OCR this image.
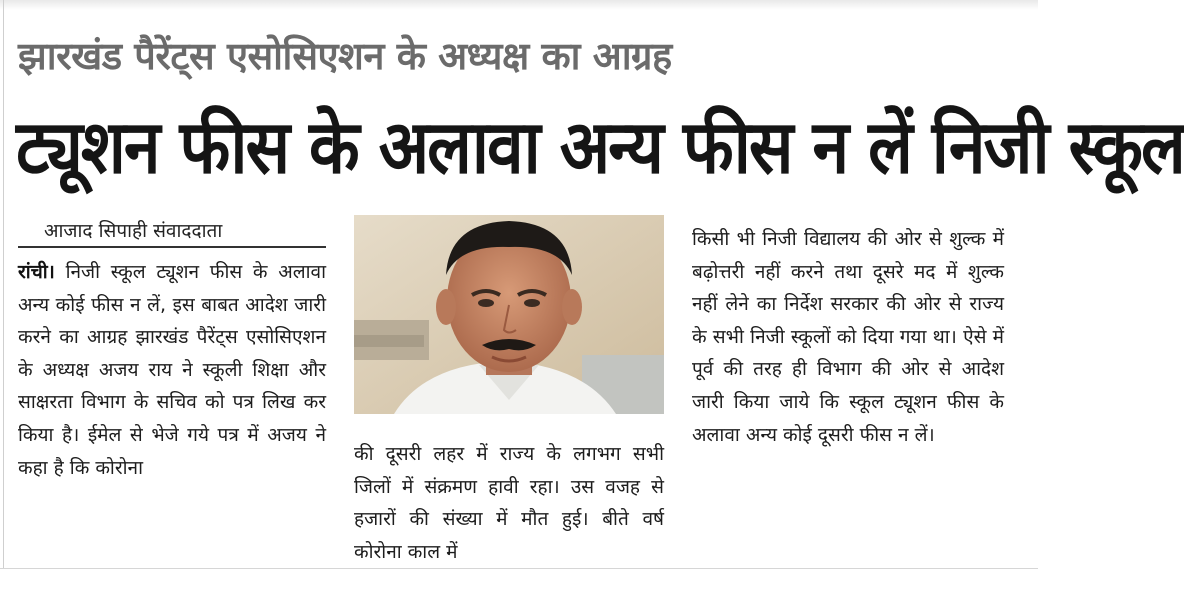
झारखंड पैरेंट्स एसोसिएशन के अध्यक्ष का आग्रह
ट्यूशन फीस के अलावा अन्य फीस न लें निजी स्कूल
आजाद सिपाही संवाददाता

रांची। निजी स्कूल ट्यूशन फीस के अलावा अन्य कोई फीस न लें, इस बाबत आदेश जारी करने का आग्रह झारखंड पैरेंट्स एसोसिएशन के अध्यक्ष अजय राय ने स्कूली शिक्षा और साक्षरता विभाग के सचिव को पत्र लिख कर किया है। ईमेल से भेजे गये पत्र में अजय ने कहा है कि कोरोना

की दूसरी लहर में राज्य के लगभग सभी जिलों में संक्रमण हावी रहा। उस वजह से हजारों की संख्या में मौत हुई। बीते वर्ष कोरोना काल में

किसी भी निजी विद्यालय की ओर से शुल्क में बढ़ोत्तरी नहीं करने तथा दूसरे मद में शुल्क नहीं लेने का निर्देश सरकार की ओर से राज्य के सभी निजी स्कूलों को दिया गया था। ऐसे में पूर्व की तरह ही विभाग की ओर से आदेश जारी किया जाये कि स्कूल ट्यूशन फीस के अलावा अन्य कोई दूसरी फीस न लें।
